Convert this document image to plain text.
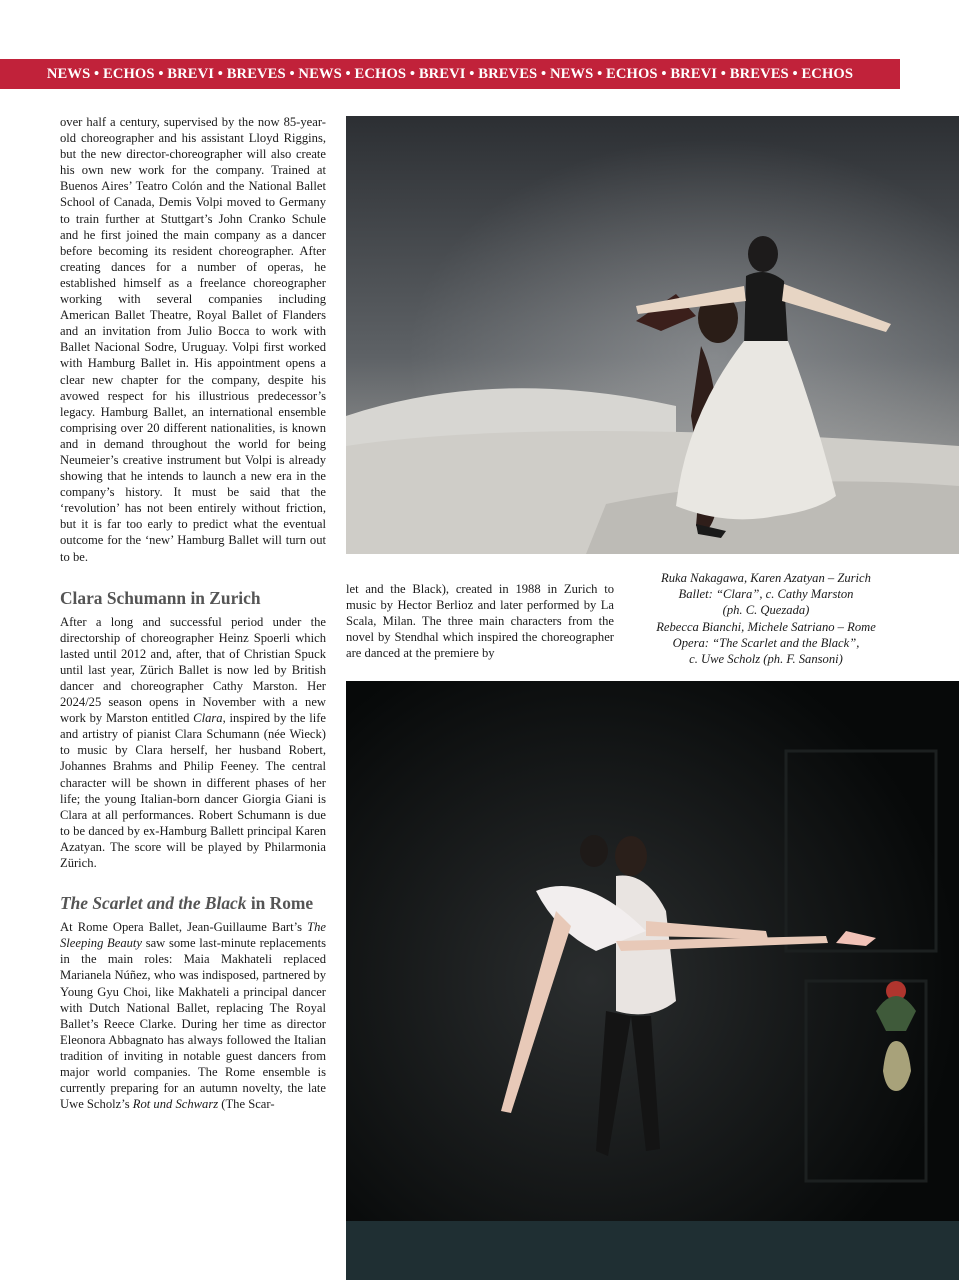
NEWS • ECHOS • BREVI • BREVES • NEWS • ECHOS • BREVI • BREVES • NEWS • ECHOS • BREVI • BREVES • ECHOS

over half a century, supervised by the now 85-year-old choreographer and his assistant Lloyd Riggins, but the new director-choreographer will also create his own new work for the company. Trained at Buenos Aires’ Teatro Colón and the National Ballet School of Canada, Demis Volpi moved to Germany to train further at Stuttgart’s John Cranko Schule and he first joined the main company as a dancer before becoming its resident choreographer. After creating dances for a number of operas, he established himself as a freelance choreographer working with several companies including American Ballet Theatre, Royal Ballet of Flanders and an invitation from Julio Bocca to work with Ballet Nacional Sodre, Uruguay. Volpi first worked with Hamburg Ballet in. His appointment opens a clear new chapter for the company, despite his avowed respect for his illustrious predecessor’s legacy. Hamburg Ballet, an international ensemble comprising over 20 different nationalities, is known and in demand throughout the world for being Neumeier’s creative instrument but Volpi is already showing that he intends to launch a new era in the company’s history. It must be said that the ‘revolution’ has not been entirely without friction, but it is far too early to predict what the eventual outcome for the ‘new’ Hamburg Ballet will turn out to be.

Clara Schumann in Zurich

After a long and successful period under the directorship of choreographer Heinz Spoerli which lasted until 2012 and, after, that of Christian Spuck until last year, Zürich Ballet is now led by British dancer and choreographer Cathy Marston. Her 2024/25 season opens in November with a new work by Marston entitled Clara, inspired by the life and artistry of pianist Clara Schumann (née Wieck) to music by Clara herself, her husband Robert, Johannes Brahms and Philip Feeney. The central character will be shown in different phases of her life; the young Italian-born dancer Giorgia Giani is Clara at all performances. Robert Schumann is due to be danced by ex-Hamburg Ballett principal Karen Azatyan. The score will be played by Philarmonia Zürich.

The Scarlet and the Black in Rome

At Rome Opera Ballet, Jean-Guillaume Bart’s The Sleeping Beauty saw some last-minute replacements in the main roles: Maia Makhateli replaced Marianela Núñez, who was indisposed, partnered by Young Gyu Choi, like Makhateli a principal dancer with Dutch National Ballet, replacing The Royal Ballet’s Reece Clarke. During her time as director Eleonora Abbagnato has always followed the Italian tradition of inviting in notable guest dancers from major world companies. The Rome ensemble is currently preparing for an autumn novelty, the late Uwe Scholz’s Rot und Schwarz (The Scar-

let and the Black), created in 1988 in Zurich to music by Hector Berlioz and later performed by La Scala, Milan. The three main characters from the novel by Stendhal which inspired the choreographer are danced at the premiere by

Ruka Nakagawa, Karen Azatyan – Zurich
Ballet: “Clara”, c. Cathy Marston
(ph. C. Quezada)
Rebecca Bianchi, Michele Satriano – Rome
Opera: “The Scarlet and the Black”,
c. Uwe Scholz (ph. F. Sansoni)
